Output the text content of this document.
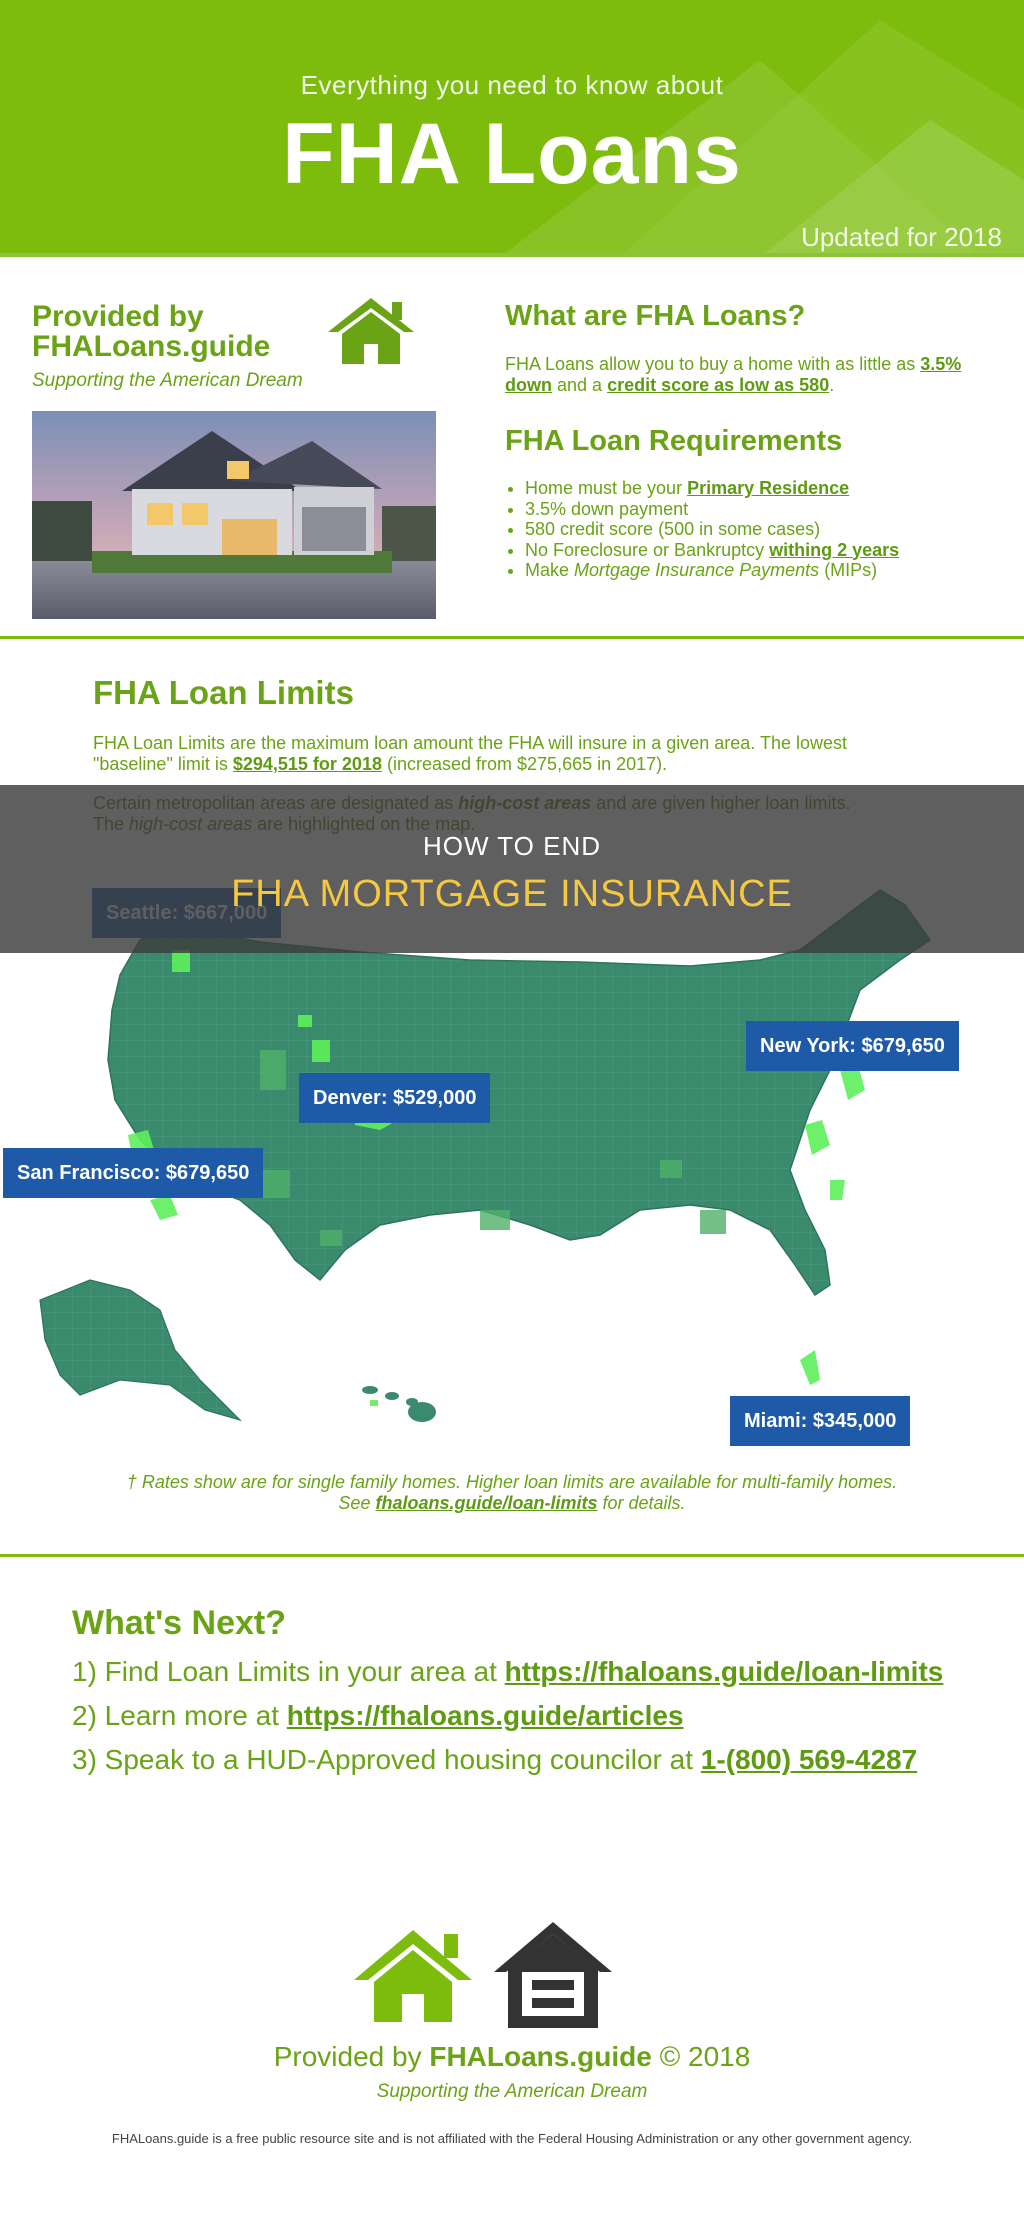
Everything you need to know about
FHA Loans
Updated for 2018
Provided by
FHALoans.guide
Supporting the American Dream
What are FHA Loans?
FHA Loans allow you to buy a home with as little as 3.5% down and a credit score as low as 580.
FHA Loan Requirements
• Home must be your Primary Residence
• 3.5% down payment
• 580 credit score (500 in some cases)
• No Foreclosure or Bankruptcy withing 2 years
• Make Mortgage Insurance Payments (MIPs)
FHA Loan Limits
FHA Loan Limits are the maximum loan amount the FHA will insure in a given area. The lowest "baseline" limit is $294,515 for 2018 (increased from $275,665 in 2017).

New York: $679,650
Denver: $529,000
San Francisco: $679,650
Miami: $345,000
† Rates show are for single family homes. Higher loan limits are available for multi-family homes.
See fhaloans.guide/loan-limits for details.
HOW TO END
FHA MORTGAGE INSURANCE
What's Next?
1) Find Loan Limits in your area at https://fhaloans.guide/loan-limits
2) Learn more at https://fhaloans.guide/articles
3) Speak to a HUD-Approved housing councilor at 1-(800) 569-4287
Provided by FHALoans.guide © 2018
Supporting the American Dream
FHALoans.guide is a free public resource site and is not affiliated with the Federal Housing Administration or any other government agency.
